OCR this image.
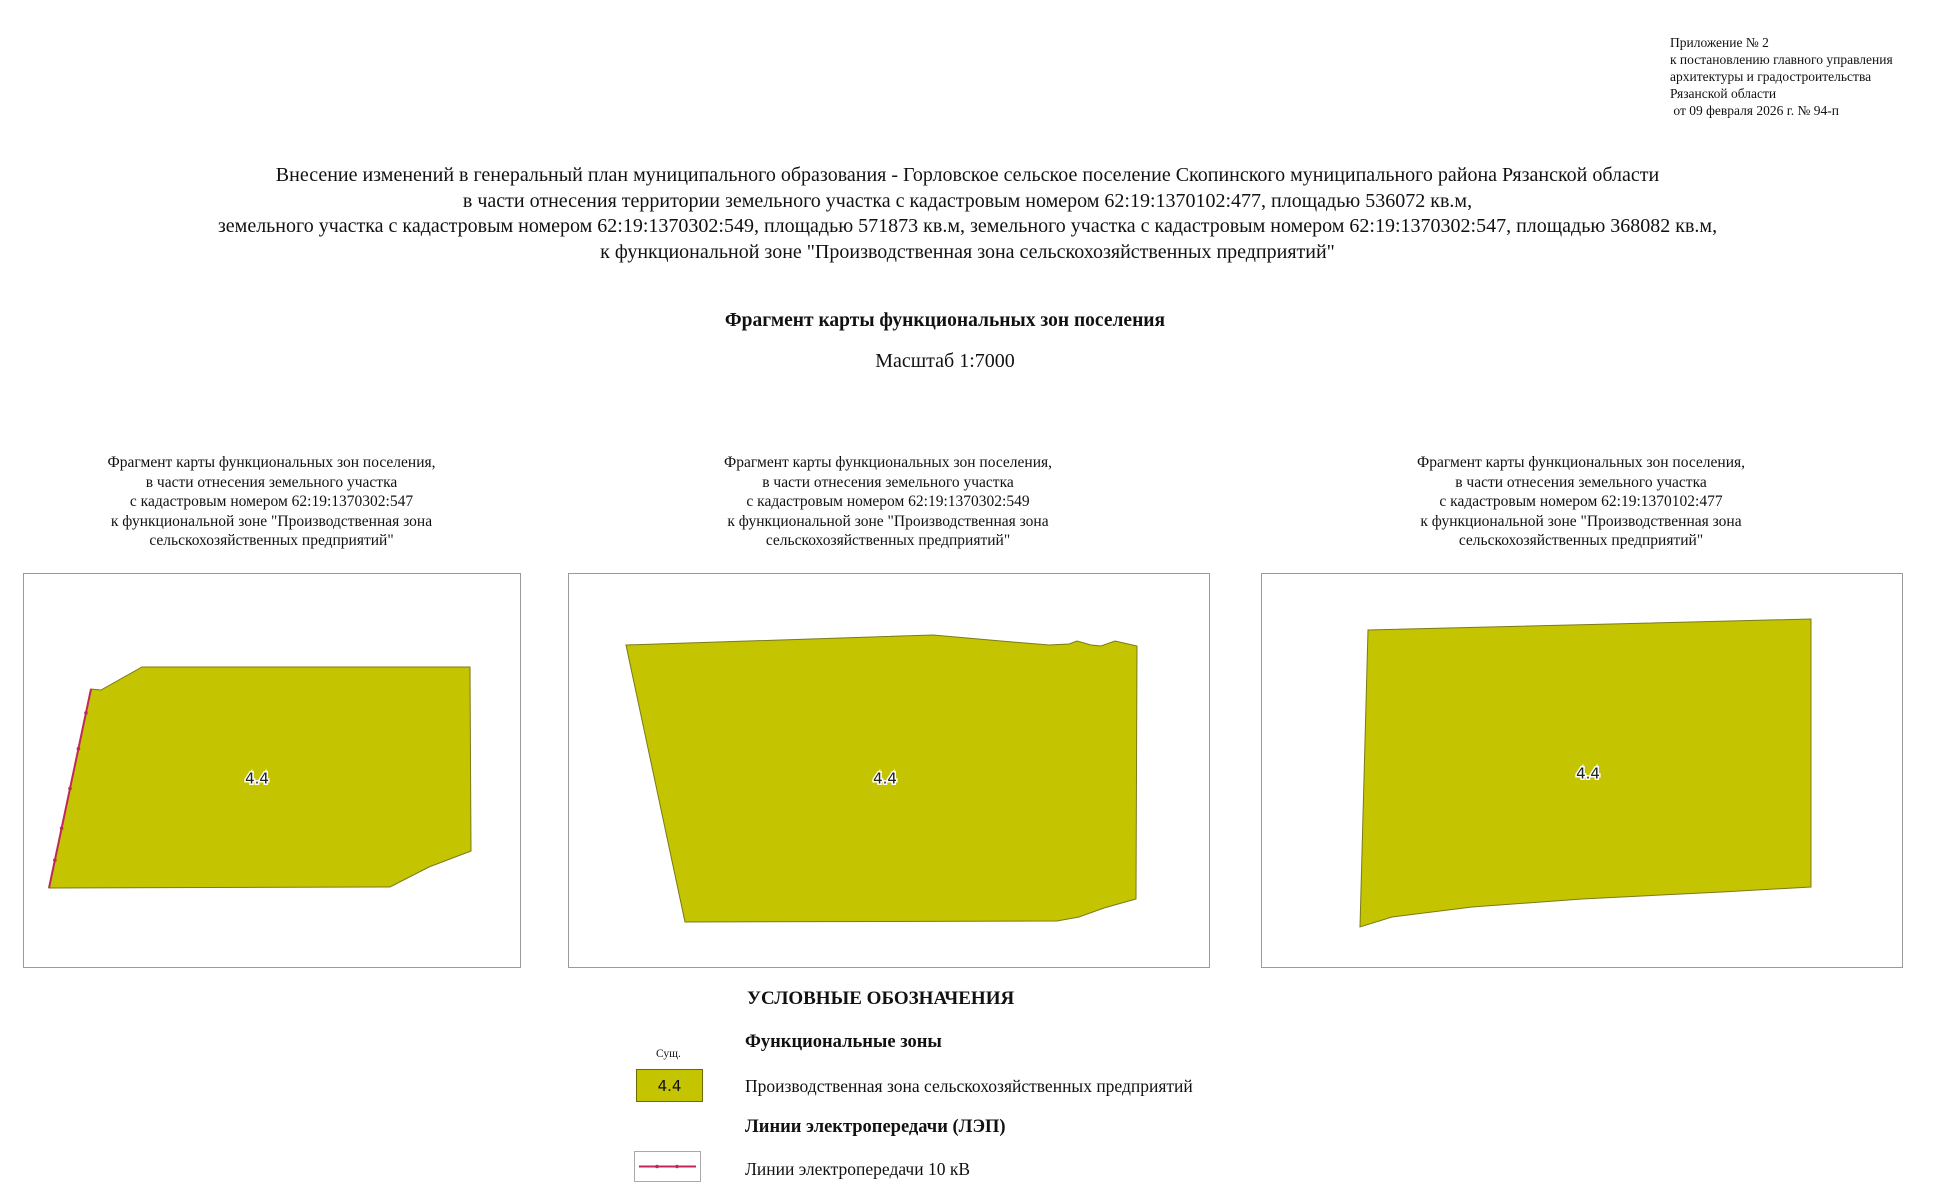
Приложение № 2
к постановлению главного управления
архитектуры и градостроительства
Рязанской области
от 09 февраля 2026 г. № 94-п
Внесение изменений в генеральный план муниципального образования - Горловское сельское поселение Скопинского муниципального района Рязанской области
в части отнесения территории земельного участка с кадастровым номером 62:19:1370102:477, площадью 536072 кв.м,
земельного участка с кадастровым номером 62:19:1370302:549, площадью 571873 кв.м, земельного участка с кадастровым номером 62:19:1370302:547, площадью 368082 кв.м,
к функциональной зоне "Производственная зона сельскохозяйственных предприятий"
Фрагмент карты функциональных зон поселения
Масштаб 1:7000
Фрагмент карты функциональных зон поселения,
в части отнесения земельного участка
с кадастровым номером 62:19:1370302:547
к функциональной зоне "Производственная зона
сельскохозяйственных предприятий"
4.4
Фрагмент карты функциональных зон поселения,
в части отнесения земельного участка
с кадастровым номером 62:19:1370302:549
к функциональной зоне "Производственная зона
сельскохозяйственных предприятий"
4.4
Фрагмент карты функциональных зон поселения,
в части отнесения земельного участка
с кадастровым номером 62:19:1370102:477
к функциональной зоне "Производственная зона
сельскохозяйственных предприятий"
4.4
УСЛОВНЫЕ ОБОЗНАЧЕНИЯ
Функциональные зоны
Сущ.
4.4	Производственная зона сельскохозяйственных предприятий
Линии электропередачи (ЛЭП)
Линии электропередачи 10 кВ
